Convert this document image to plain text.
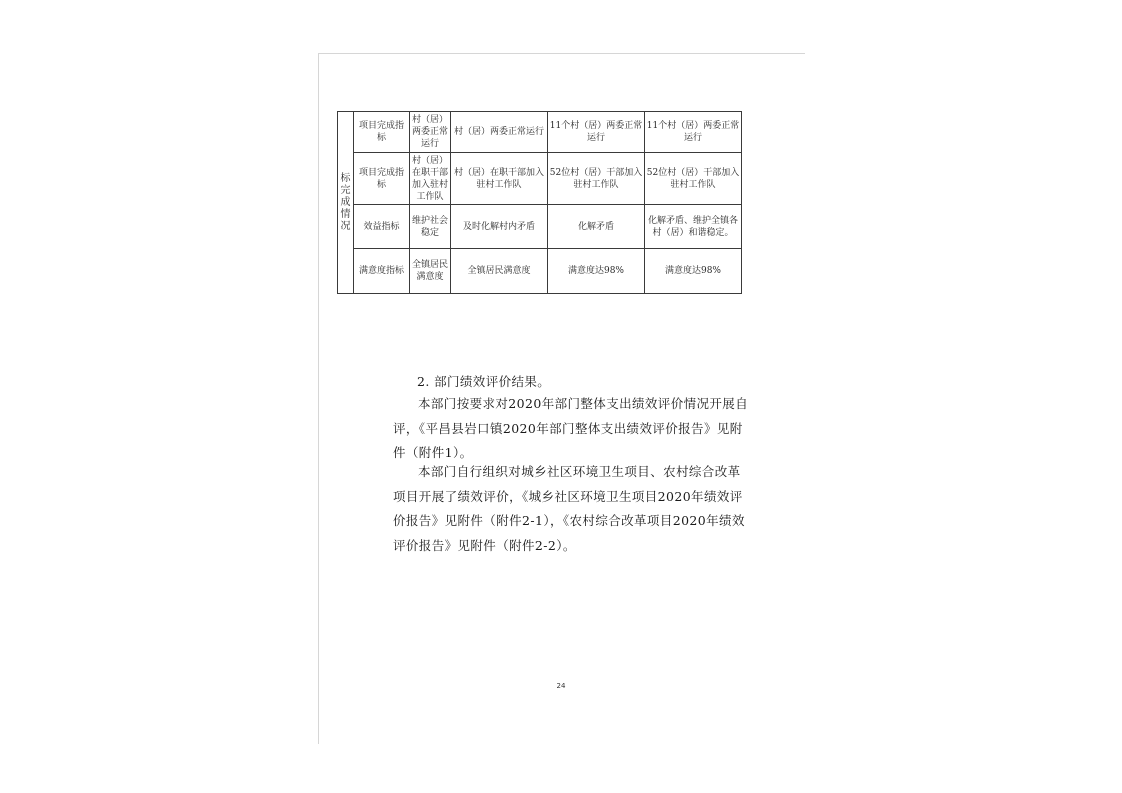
标
完
成
情
况	项目完成指标	村（居）两委正常运行	村（居）两委正常运行	11个村（居）两委正常运行	11个村（居）两委正常运行
	项目完成指标	村（居）在职干部加入驻村工作队	村（居）在职干部加入驻村工作队	52位村（居）干部加入驻村工作队	52位村（居）干部加入驻村工作队
	效益指标	维护社会稳定	及时化解村内矛盾	化解矛盾	化解矛盾、维护全镇各村（居）和谐稳定。
	满意度指标	全镇居民满意度	全镇居民满意度	满意度达98%	满意度达98%
2. 部门绩效评价结果。

本部门按要求对2020年部门整体支出绩效评价情况开展自评，《平昌县岩口镇2020年部门整体支出绩效评价报告》见附件（附件1）。

本部门自行组织对城乡社区环境卫生项目、农村综合改革项目开展了绩效评价，《城乡社区环境卫生项目2020年绩效评价报告》见附件（附件2-1），《农村综合改革项目2020年绩效评价报告》见附件（附件2-2）。

24
